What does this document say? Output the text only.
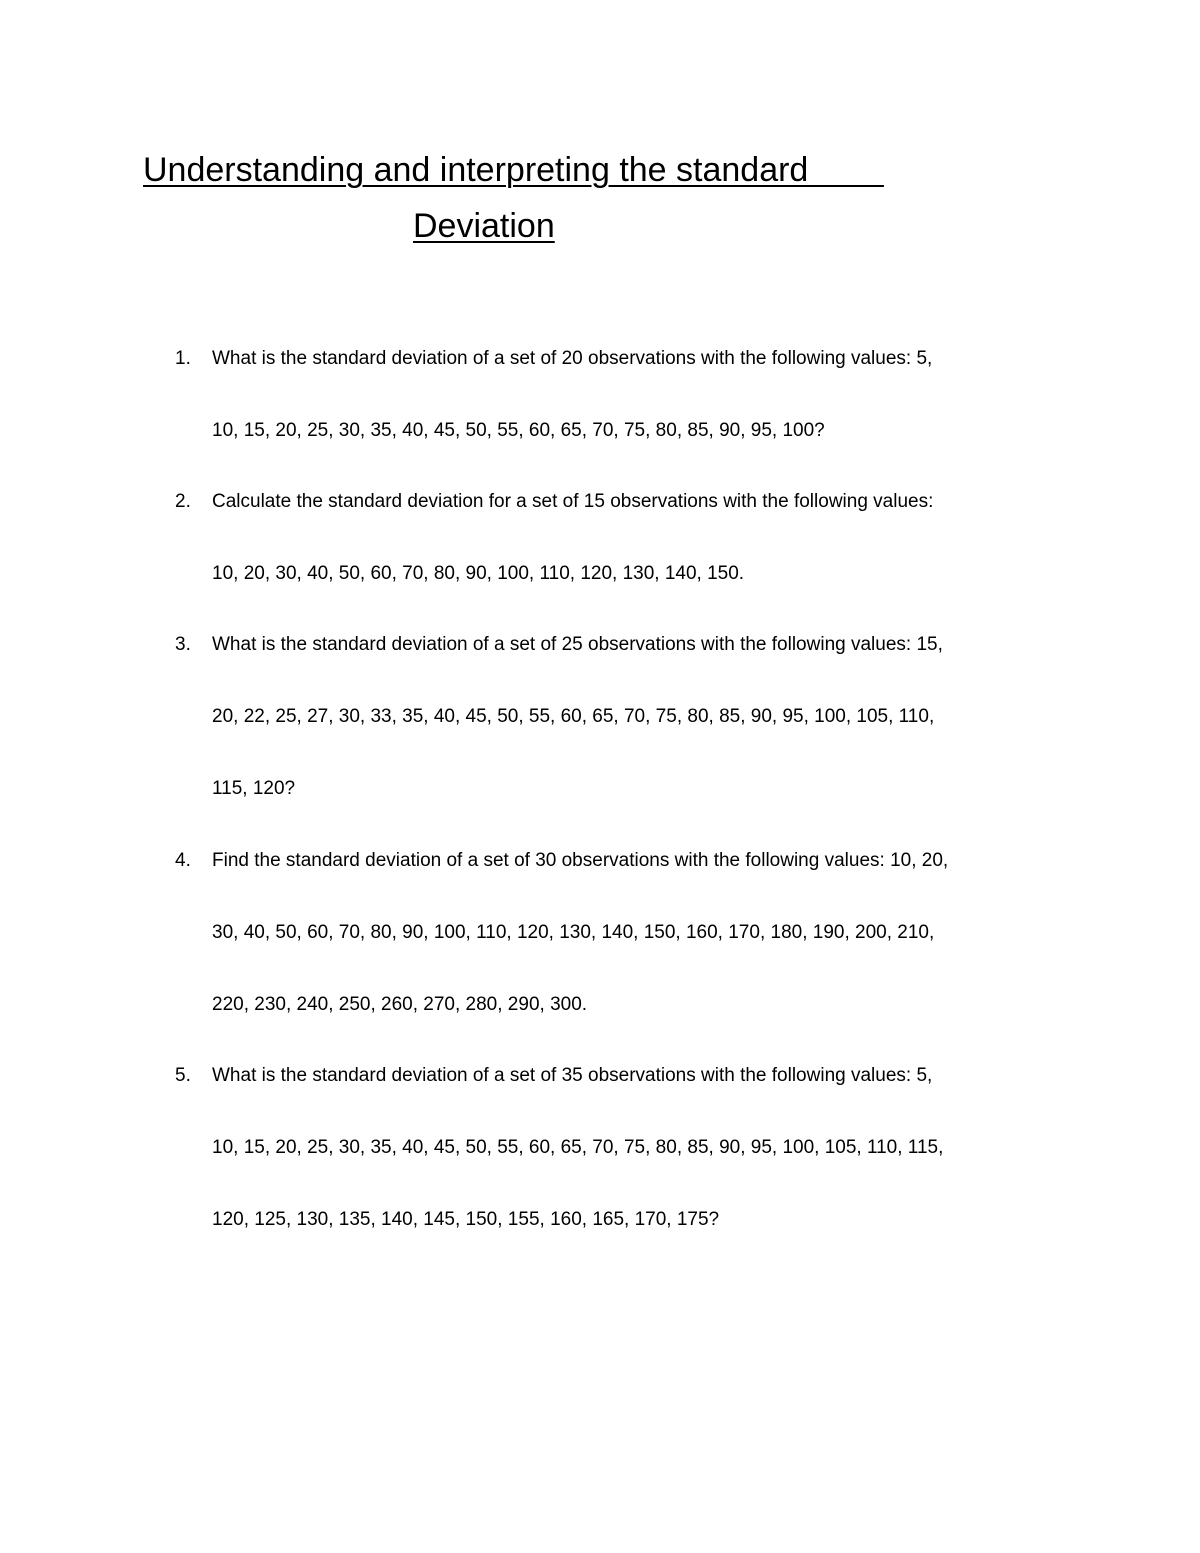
Understanding and interpreting the standard
Deviation
1. What is the standard deviation of a set of 20 observations with the following values: 5,
10, 15, 20, 25, 30, 35, 40, 45, 50, 55, 60, 65, 70, 75, 80, 85, 90, 95, 100?
2. Calculate the standard deviation for a set of 15 observations with the following values:
10, 20, 30, 40, 50, 60, 70, 80, 90, 100, 110, 120, 130, 140, 150.
3. What is the standard deviation of a set of 25 observations with the following values: 15,
20, 22, 25, 27, 30, 33, 35, 40, 45, 50, 55, 60, 65, 70, 75, 80, 85, 90, 95, 100, 105, 110,
115, 120?
4. Find the standard deviation of a set of 30 observations with the following values: 10, 20,
30, 40, 50, 60, 70, 80, 90, 100, 110, 120, 130, 140, 150, 160, 170, 180, 190, 200, 210,
220, 230, 240, 250, 260, 270, 280, 290, 300.
5. What is the standard deviation of a set of 35 observations with the following values: 5,
10, 15, 20, 25, 30, 35, 40, 45, 50, 55, 60, 65, 70, 75, 80, 85, 90, 95, 100, 105, 110, 115,
120, 125, 130, 135, 140, 145, 150, 155, 160, 165, 170, 175?
